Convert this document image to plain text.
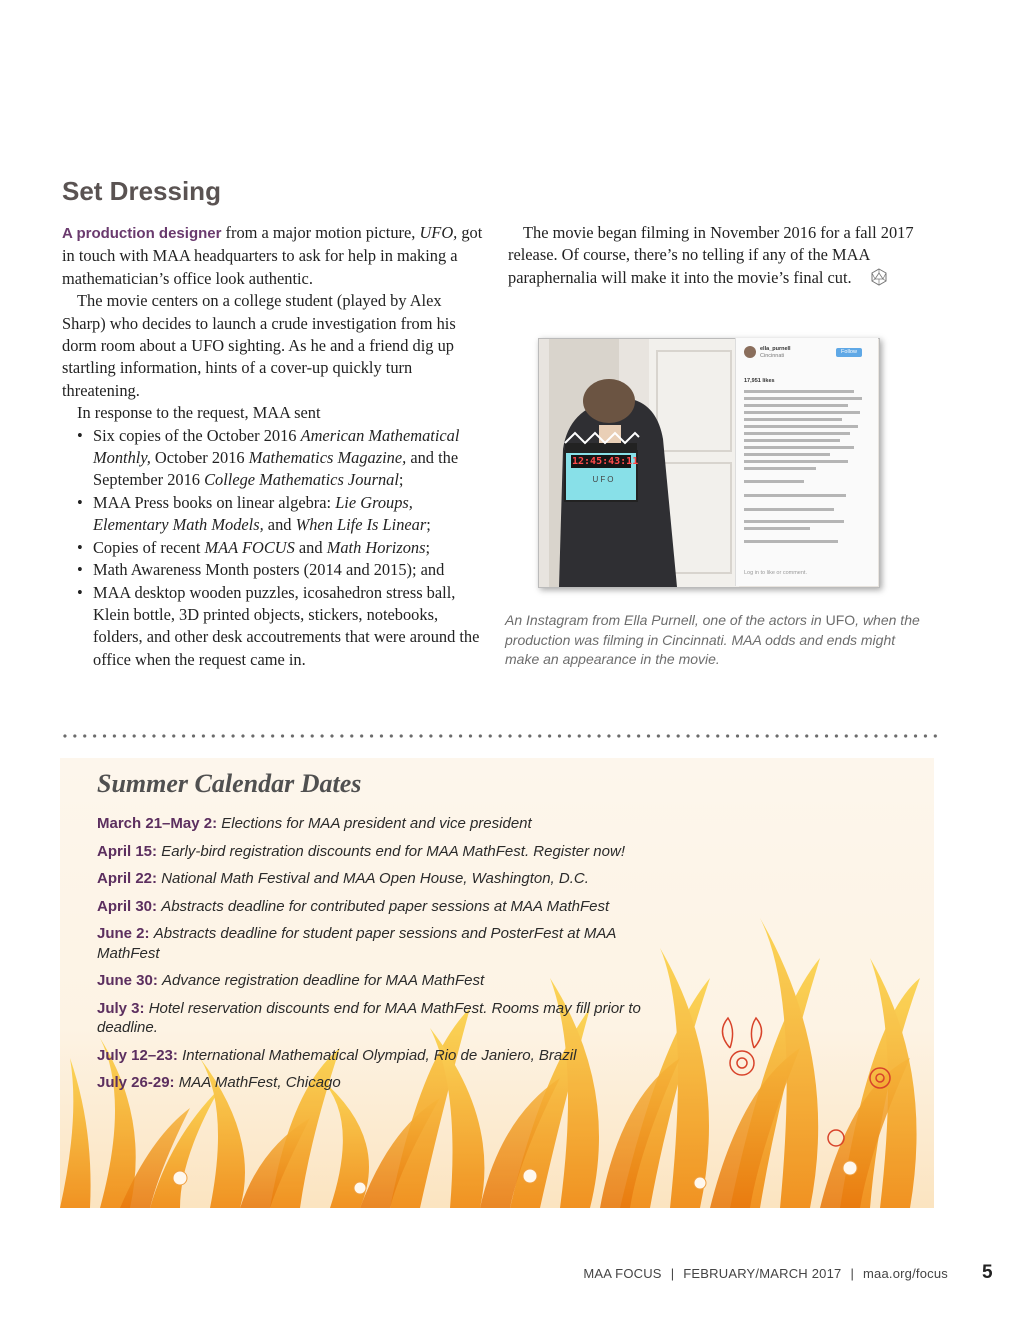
Set Dressing

A production designer from a major motion picture, UFO, got in touch with MAA headquarters to ask for help in making a mathematician’s office look authentic.

The movie centers on a college student (played by Alex Sharp) who decides to launch a crude investigation from his dorm room about a UFO sighting. As he and a friend dig up startling information, hints of a cover-up quickly turn threatening.

In response to the request, MAA sent

• Six copies of the October 2016 American Mathematical Monthly, October 2016 Mathematics Magazine, and the September 2016 College Mathematics Journal;
• MAA Press books on linear algebra: Lie Groups, Elementary Math Models, and When Life Is Linear;
• Copies of recent MAA FOCUS and Math Horizons;
• Math Awareness Month posters (2014 and 2015); and
• MAA desktop wooden puzzles, icosahedron stress ball, Klein bottle, 3D printed objects, stickers, notebooks, folders, and other desk accoutrements that were around the office when the request came in.

The movie began filming in November 2016 for a fall 2017 release. Of course, there’s no telling if any of the MAA paraphernalia will make it into the movie’s final cut.

12:45:43:11
UFO
ella_purnell
Cincinnati
Follow
17,951 likes
Log in to like or comment.
An Instagram from Ella Purnell, one of the actors in UFO, when the production was filming in Cincinnati. MAA odds and ends might make an appearance in the movie.
Summer Calendar Dates
March 21–May 2: Elections for MAA president and vice president
April 15: Early-bird registration discounts end for MAA MathFest. Register now!
April 22: National Math Festival and MAA Open House, Washington, D.C.
April 30: Abstracts deadline for contributed paper sessions at MAA MathFest
June 2: Abstracts deadline for student paper sessions and PosterFest at MAA MathFest
June 30: Advance registration deadline for MAA MathFest
July 3: Hotel reservation discounts end for MAA MathFest. Rooms may fill prior to deadline.
July 12–23: International Mathematical Olympiad, Rio de Janiero, Brazil
July 26-29: MAA MathFest, Chicago
MAA FOCUS | FEBRUARY/MARCH 2017 | maa.org/focus 5
